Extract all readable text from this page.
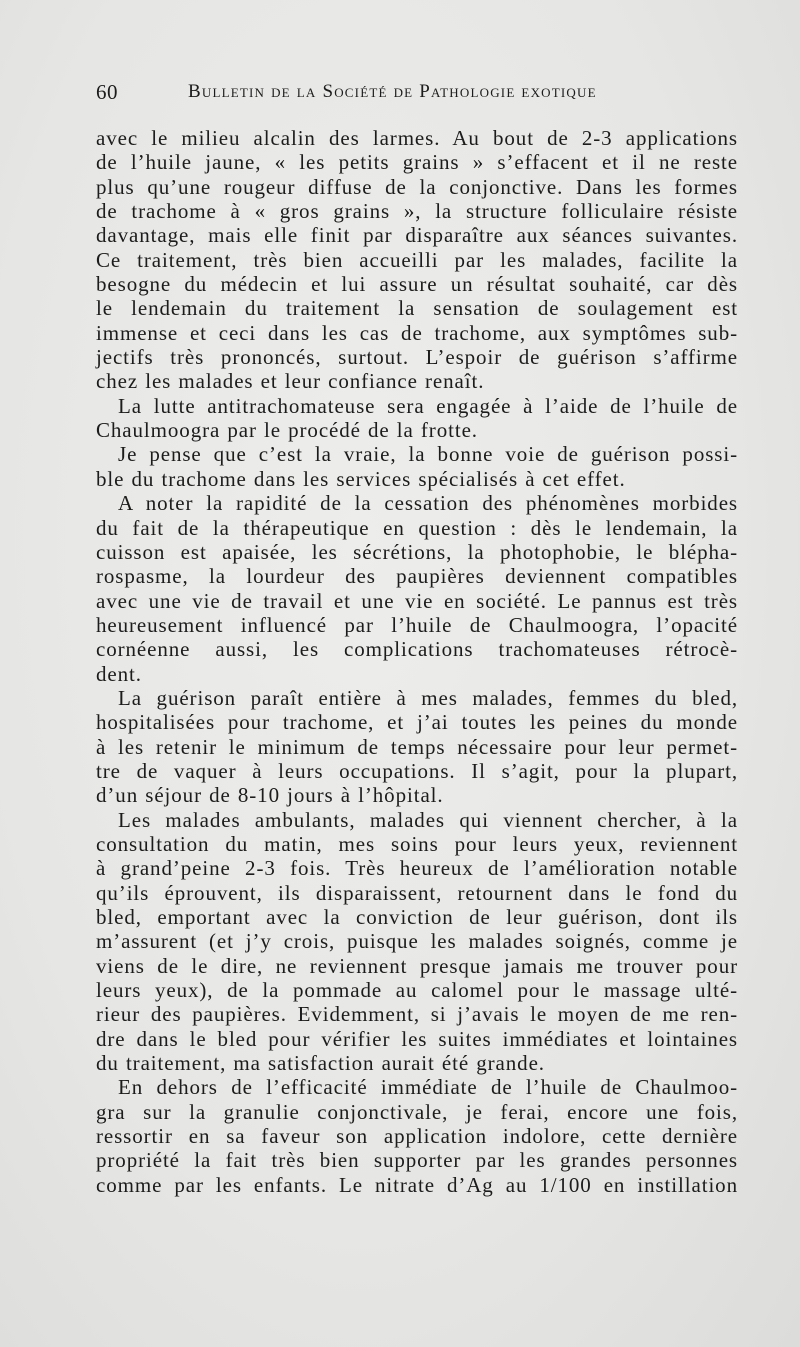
60	Bulletin de la Société de Pathologie exotique
avec le milieu alcalin des larmes. Au bout de 2-3 applications
de l’huile jaune, « les petits grains » s’effacent et il ne reste
plus qu’une rougeur diffuse de la conjonctive. Dans les formes
de trachome à « gros grains », la structure folliculaire résiste
davantage, mais elle finit par disparaître aux séances suivantes.
Ce traitement, très bien accueilli par les malades, facilite la
besogne du médecin et lui assure un résultat souhaité, car dès
le lendemain du traitement la sensation de soulagement est
immense et ceci dans les cas de trachome, aux symptômes sub-
jectifs très prononcés, surtout. L’espoir de guérison s’affirme
chez les malades et leur confiance renaît.
La lutte antitrachomateuse sera engagée à l’aide de l’huile de
Chaulmoogra par le procédé de la frotte.
Je pense que c’est la vraie, la bonne voie de guérison possi-
ble du trachome dans les services spécialisés à cet effet.
A noter la rapidité de la cessation des phénomènes morbides
du fait de la thérapeutique en question : dès le lendemain, la
cuisson est apaisée, les sécrétions, la photophobie, le blépha-
rospasme, la lourdeur des paupières deviennent compatibles
avec une vie de travail et une vie en société. Le pannus est très
heureusement influencé par l’huile de Chaulmoogra, l’opacité
cornéenne aussi, les complications trachomateuses rétrocè-
dent.
La guérison paraît entière à mes malades, femmes du bled,
hospitalisées pour trachome, et j’ai toutes les peines du monde
à les retenir le minimum de temps nécessaire pour leur permet-
tre de vaquer à leurs occupations. Il s’agit, pour la plupart,
d’un séjour de 8-10 jours à l’hôpital.
Les malades ambulants, malades qui viennent chercher, à la
consultation du matin, mes soins pour leurs yeux, reviennent
à grand’peine 2-3 fois. Très heureux de l’amélioration notable
qu’ils éprouvent, ils disparaissent, retournent dans le fond du
bled, emportant avec la conviction de leur guérison, dont ils
m’assurent (et j’y crois, puisque les malades soignés, comme je
viens de le dire, ne reviennent presque jamais me trouver pour
leurs yeux), de la pommade au calomel pour le massage ulté-
rieur des paupières. Evidemment, si j’avais le moyen de me ren-
dre dans le bled pour vérifier les suites immédiates et lointaines
du traitement, ma satisfaction aurait été grande.
En dehors de l’efficacité immédiate de l’huile de Chaulmoo-
gra sur la granulie conjonctivale, je ferai, encore une fois,
ressortir en sa faveur son application indolore, cette dernière
propriété la fait très bien supporter par les grandes personnes
comme par les enfants. Le nitrate d’Ag au 1/100 en instillation
